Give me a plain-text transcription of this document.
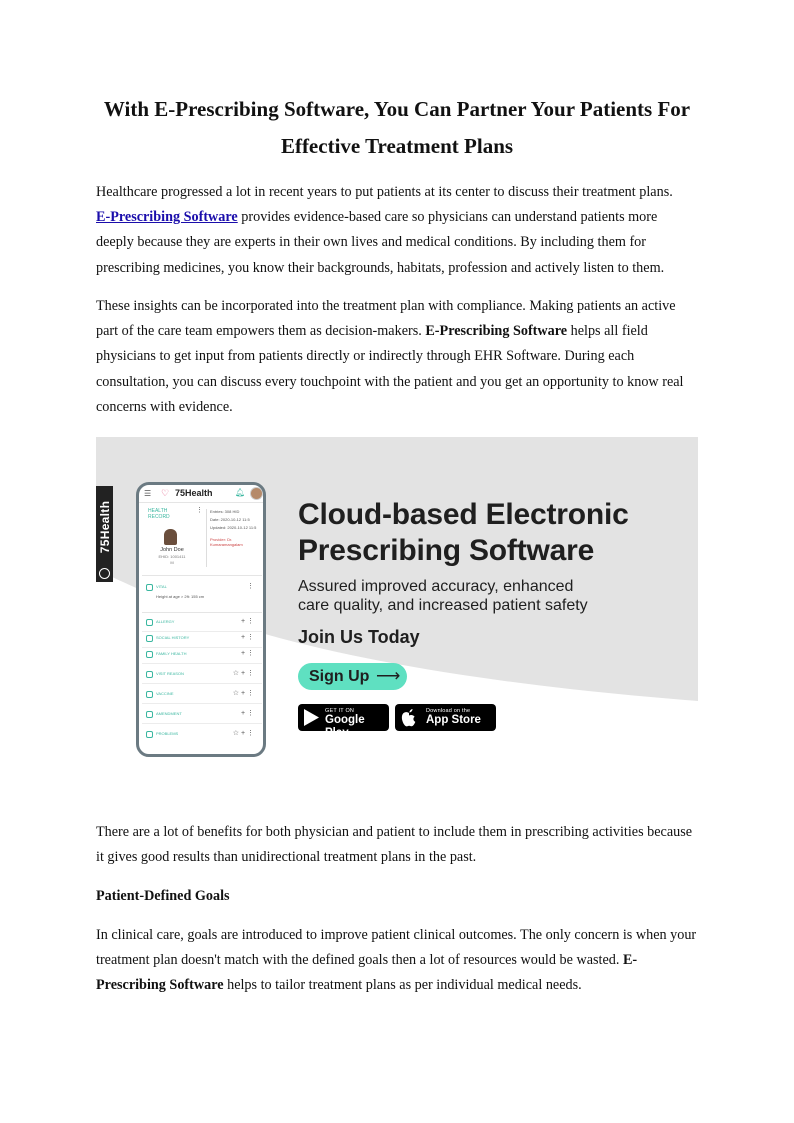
With E-Prescribing Software, You Can Partner Your Patients For Effective Treatment Plans

Healthcare progressed a lot in recent years to put patients at its center to discuss their treatment plans.
E-Prescribing Software provides evidence-based care so physicians can understand patients more deeply because they are experts in their own lives and medical conditions. By including them for prescribing medicines, you know their backgrounds, habitats, profession and actively listen to them.

These insights can be incorporated into the treatment plan with compliance. Making patients an active part of the care team empowers them as decision-makers. E-Prescribing Software helps all field physicians to get input from patients directly or indirectly through EHR Software. During each consultation, you can discuss every touchpoint with the patient and you get an opportunity to know real concerns with evidence.

75Health
☰ ♡ 75Health	🔔︎
HEALTH RECORD
⋮
John Doe
EHID: 1001411
M
Entries: 308 HID
Date: 2020-10-12 11:5
Updated: 2020-10-12 11:5
Provider: Dr. Kumaramangalam
VITAL	⋮
Height at age > 2ft: 155 cm
ALLERGY	+ ⋮
SOCIAL HISTORY	+ ⋮
FAMILY HEALTH	+ ⋮
VISIT REASON	☆ + ⋮
VACCINE	☆ + ⋮
AMENDMENT	+ ⋮
PROBLEMS	☆ + ⋮
Cloud-based Electronic
Prescribing Software

Assured improved accuracy, enhanced
care quality, and increased patient safety

Join Us Today

Sign Up ⟶
GET IT ON
Google Play
Download on the
App Store

There are a lot of benefits for both physician and patient to include them in prescribing activities because it gives good results than unidirectional treatment plans in the past.

Patient-Defined Goals

In clinical care, goals are introduced to improve patient clinical outcomes. The only concern is when your treatment plan doesn't match with the defined goals then a lot of resources would be wasted. E-Prescribing Software helps to tailor treatment plans as per individual medical needs.
